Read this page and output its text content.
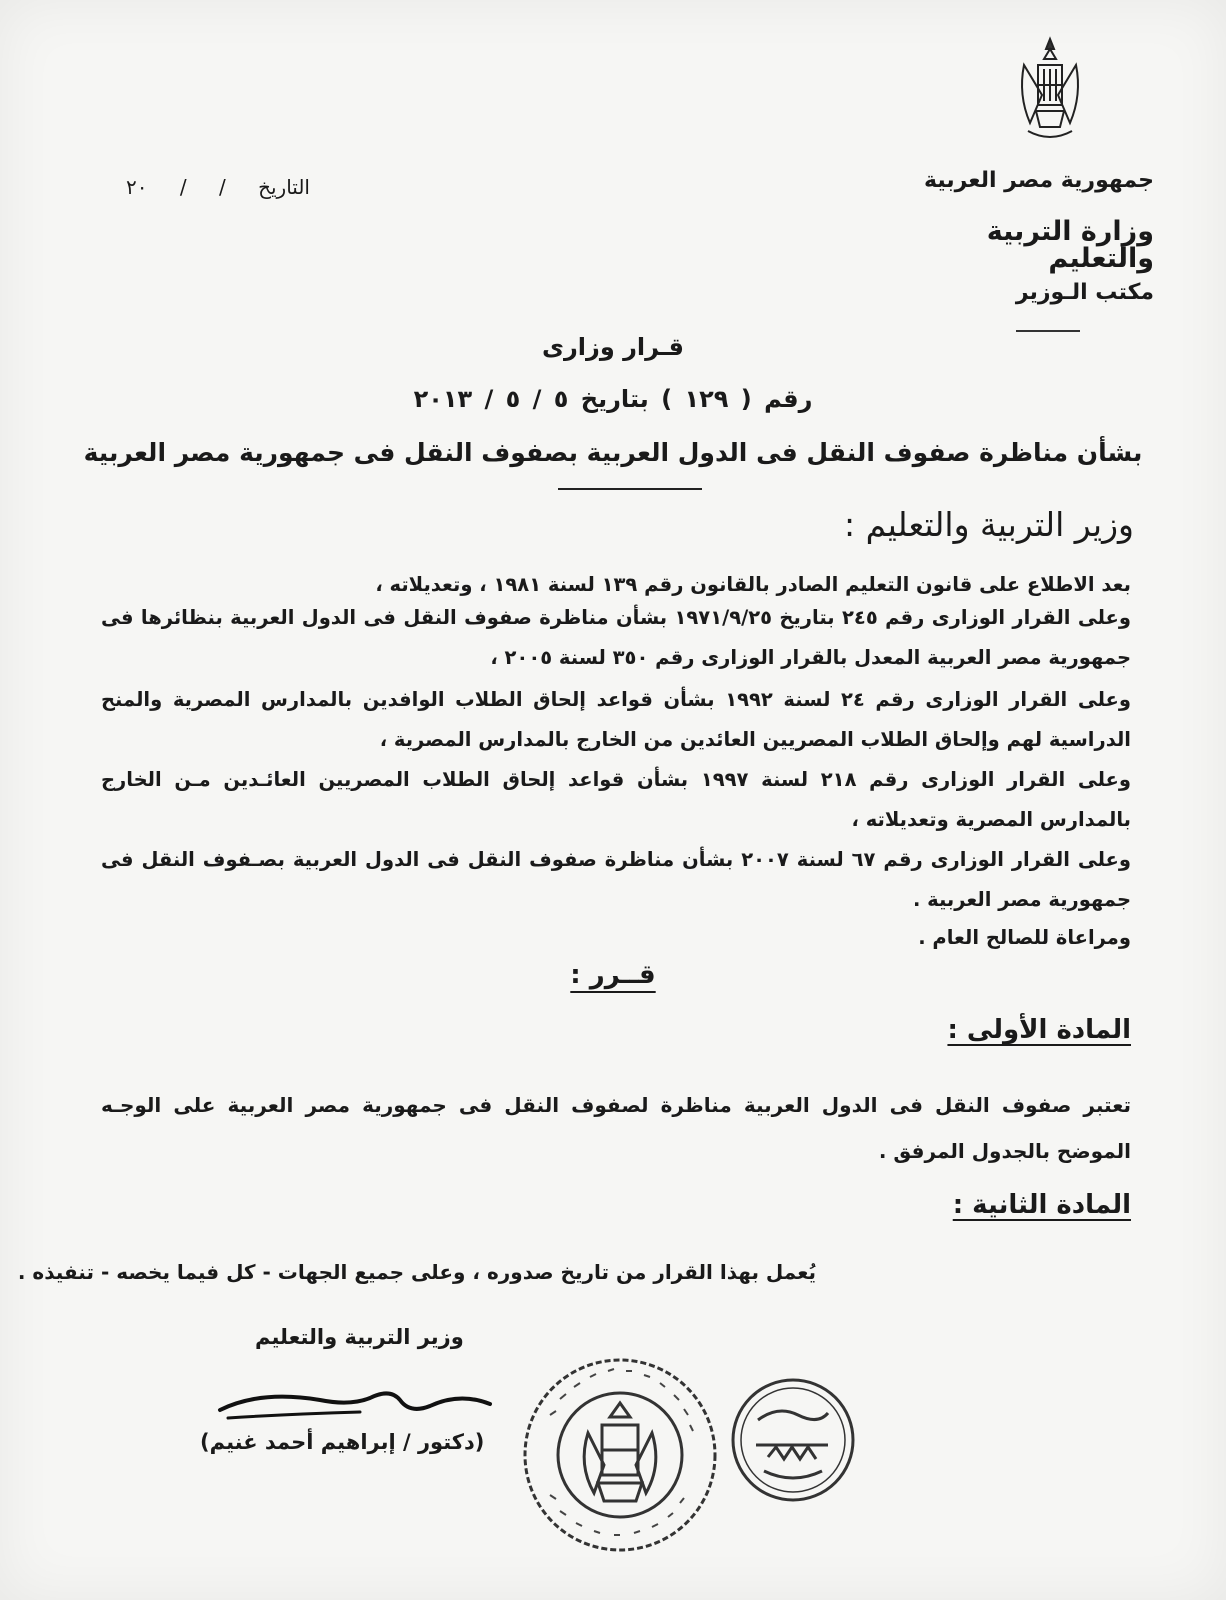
جمهورية مصر العربية
وزارة التربية والتعليم
مكتب الـوزير
التاريخ / / ٢٠
قـرار وزارى
رقم ( ١٢٩ ) بتاريخ ٥ / ٥ / ٢٠١٣
بشأن مناظرة صفوف النقل فى الدول العربية بصفوف النقل فى جمهورية مصر العربية
وزير التربية والتعليم :
بعد الاطلاع على قانون التعليم الصادر بالقانون رقم ١٣٩ لسنة ١٩٨١ ، وتعديلاته ،
وعلى القرار الوزارى رقم ٢٤٥ بتاريخ ١٩٧١/٩/٢٥ بشأن مناظرة صفوف النقل فى الدول العربية بنظائرها فى جمهورية مصر العربية المعدل بالقرار الوزارى رقم ٣٥٠ لسنة ٢٠٠٥ ،
وعلى القرار الوزارى رقم ٢٤ لسنة ١٩٩٢ بشأن قواعد إلحاق الطلاب الوافدين بالمدارس المصرية والمنح الدراسية لهم وإلحاق الطلاب المصريين العائدين من الخارج بالمدارس المصرية ،
وعلى القرار الوزارى رقم ٢١٨ لسنة ١٩٩٧ بشأن قواعد إلحاق الطلاب المصريين العائـدين مـن الخارج بالمدارس المصرية وتعديلاته ،
وعلى القرار الوزارى رقم ٦٧ لسنة ٢٠٠٧ بشأن مناظرة صفوف النقل فى الدول العربية بصـفوف النقل فى جمهورية مصر العربية .
ومراعاة للصالح العام .
قــرر :
المادة الأولى :
تعتبر صفوف النقل فى الدول العربية مناظرة لصفوف النقل فى جمهورية مصر العربية على الوجـه الموضح بالجدول المرفق .
المادة الثانية :
يُعمل بهذا القرار من تاريخ صدوره ، وعلى جميع الجهات - كل فيما يخصه - تنفيذه .
وزير التربية والتعليم
(دكتور / إبراهيم أحمد غنيم)
